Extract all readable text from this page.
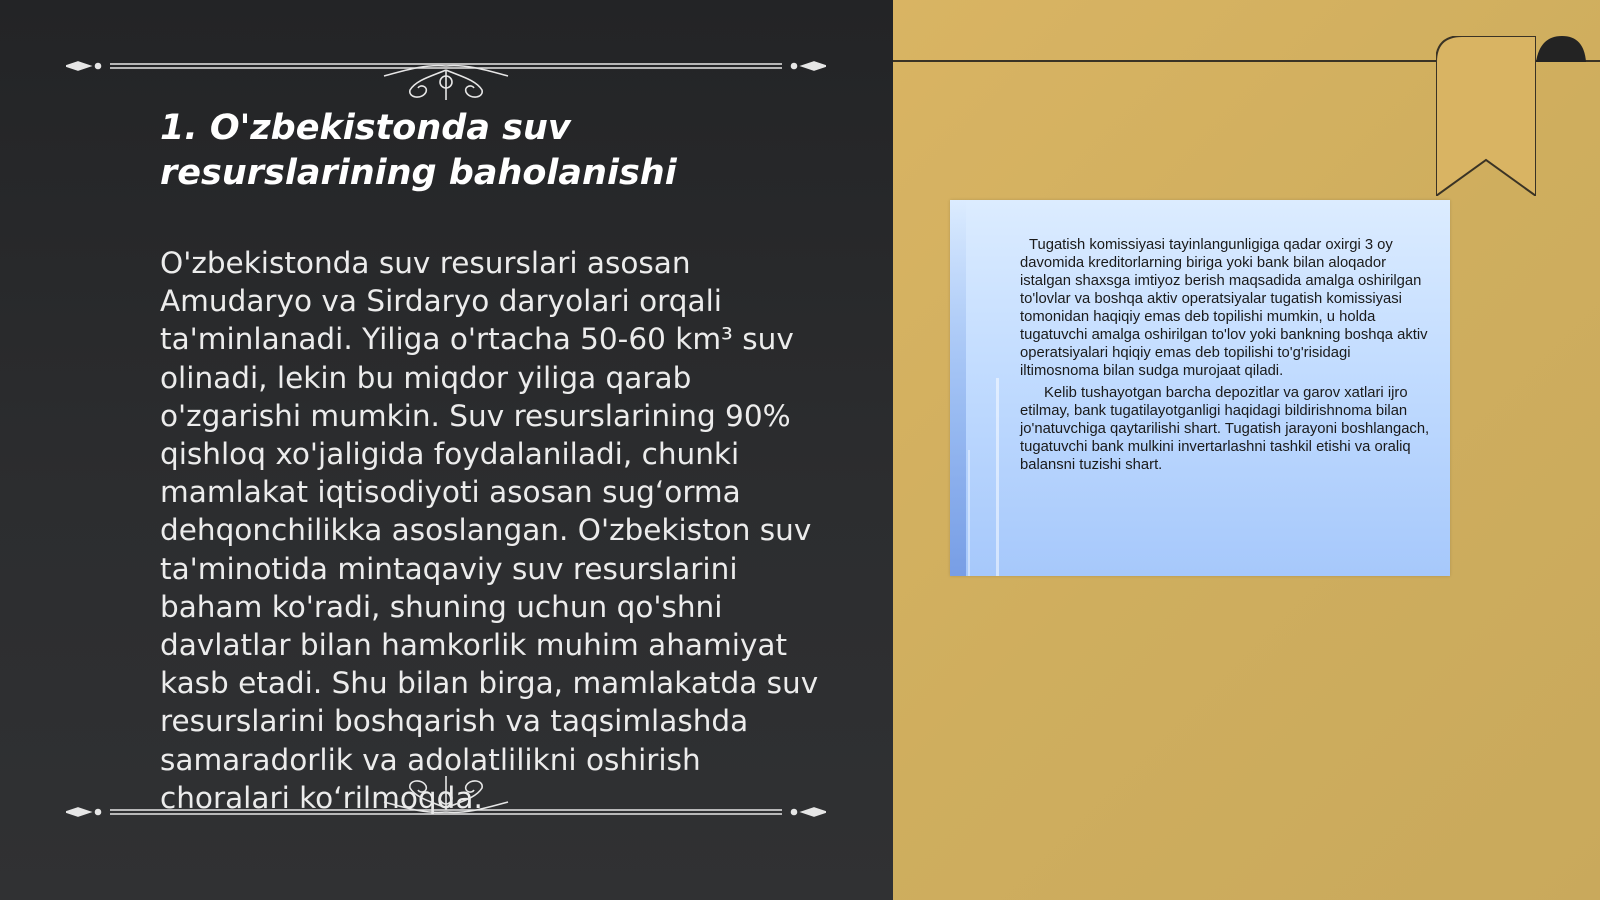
1. O'zbekistonda suv resurslarining baholanishi

O'zbekistonda suv resurslari asosan Amudaryo va Sirdaryo daryolari orqali ta'minlanadi. Yiliga o'rtacha 50-60 km³ suv olinadi, lekin bu miqdor yiliga qarab o'zgarishi mumkin. Suv resurslarining 90% qishloq xo'jaligida foydalaniladi, chunki mamlakat iqtisodiyoti asosan sug‘orma dehqonchilikka asoslangan. O'zbekiston suv ta'minotida mintaqaviy suv resurslarini baham ko'radi, shuning uchun qo'shni davlatlar bilan hamkorlik muhim ahamiyat kasb etadi. Shu bilan birga, mamlakatda suv resurslarini boshqarish va taqsimlashda samaradorlik va adolatlilikni oshirish choralari ko‘rilmoqda.

Tugatish komissiyasi tayinlangunligiga qadar oxirgi 3 oy davomida kreditorlarning biriga yoki bank bilan aloqador istalgan shaxsga imtiyoz berish maqsadida amalga oshirilgan to'lovlar va boshqa aktiv operatsiyalar tugatish komissiyasi tomonidan haqiqiy emas deb topilishi mumkin, u holda tugatuvchi amalga oshirilgan to'lov yoki bankning boshqa aktiv operatsiyalari hqiqiy emas deb topilishi to'g'risidagi iltimosnoma bilan sudga murojaat qiladi.

Kelib tushayotgan barcha depozitlar va garov xatlari ijro etilmay, bank tugatilayotganligi haqidagi bildirishnoma bilan jo'natuvchiga qaytarilishi shart. Tugatish jarayoni boshlangach, tugatuvchi bank mulkini invertarlashni tashkil etishi va oraliq balansni tuzishi shart.
